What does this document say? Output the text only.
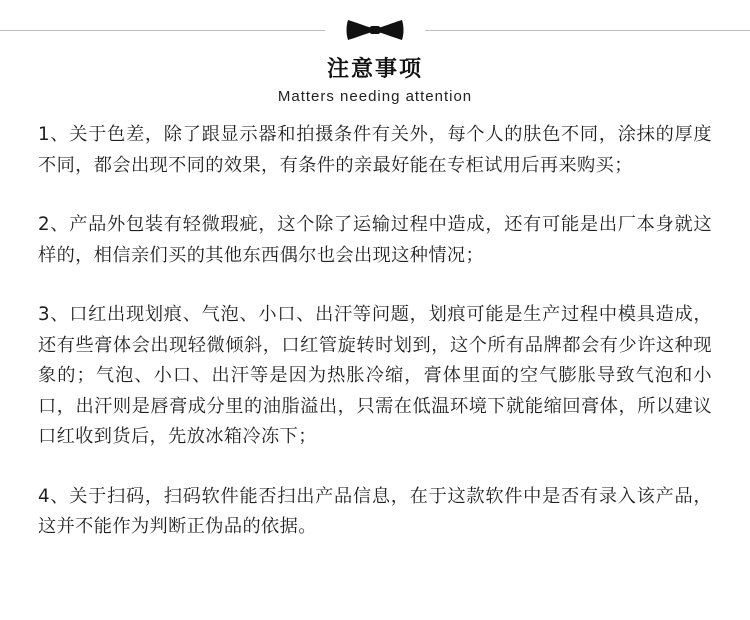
注意事项
Matters needing attention
1、关于色差，除了跟显示器和拍摄条件有关外，每个人的肤色不同，涂抹的厚度不同，都会出现不同的效果，有条件的亲最好能在专柜试用后再来购买；
2、产品外包装有轻微瑕疵，这个除了运输过程中造成，还有可能是出厂本身就这样的，相信亲们买的其他东西偶尔也会出现这种情况；
3、口红出现划痕、气泡、小口、出汗等问题，划痕可能是生产过程中模具造成，还有些膏体会出现轻微倾斜，口红管旋转时划到，这个所有品牌都会有少许这种现象的；气泡、小口、出汗等是因为热胀冷缩，膏体里面的空气膨胀导致气泡和小口，出汗则是唇膏成分里的油脂溢出，只需在低温环境下就能缩回膏体，所以建议口红收到货后，先放冰箱冷冻下；
4、关于扫码，扫码软件能否扫出产品信息，在于这款软件中是否有录入该产品，这并不能作为判断正伪品的依据。
